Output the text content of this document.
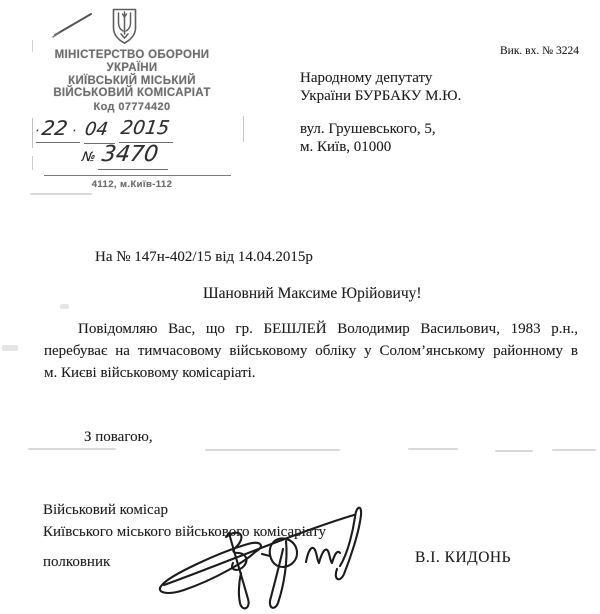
МІНІСТЕРСТВО ОБОРОНИ
УКРАЇНИ
КИЇВСЬКИЙ МІСЬКИЙ
ВІЙСЬКОВИЙ КОМІСАРІАТ
Код 07774420
· 22 · 04 2015
№ 3470
4112, м.Київ-112
Вик. вх. № 3224
Народному депутату
України БУРБАКУ М.Ю.
вул. Грушевського, 5,
м. Київ, 01000
На № 147н-402/15 від 14.04.2015р
Шановний Максиме Юрійовичу!
Повідомляю Вас, що гр. БЕШЛЕЙ Володимир Васильович, 1983 р.н.,
перебуває на тимчасовому військовому обліку у Солом’янському районному в
м. Києві військовому комісаріаті.
З повагою,
Військовий комісар
Київського міського військового комісаріату
полковник	В.І. КИДОНЬ
